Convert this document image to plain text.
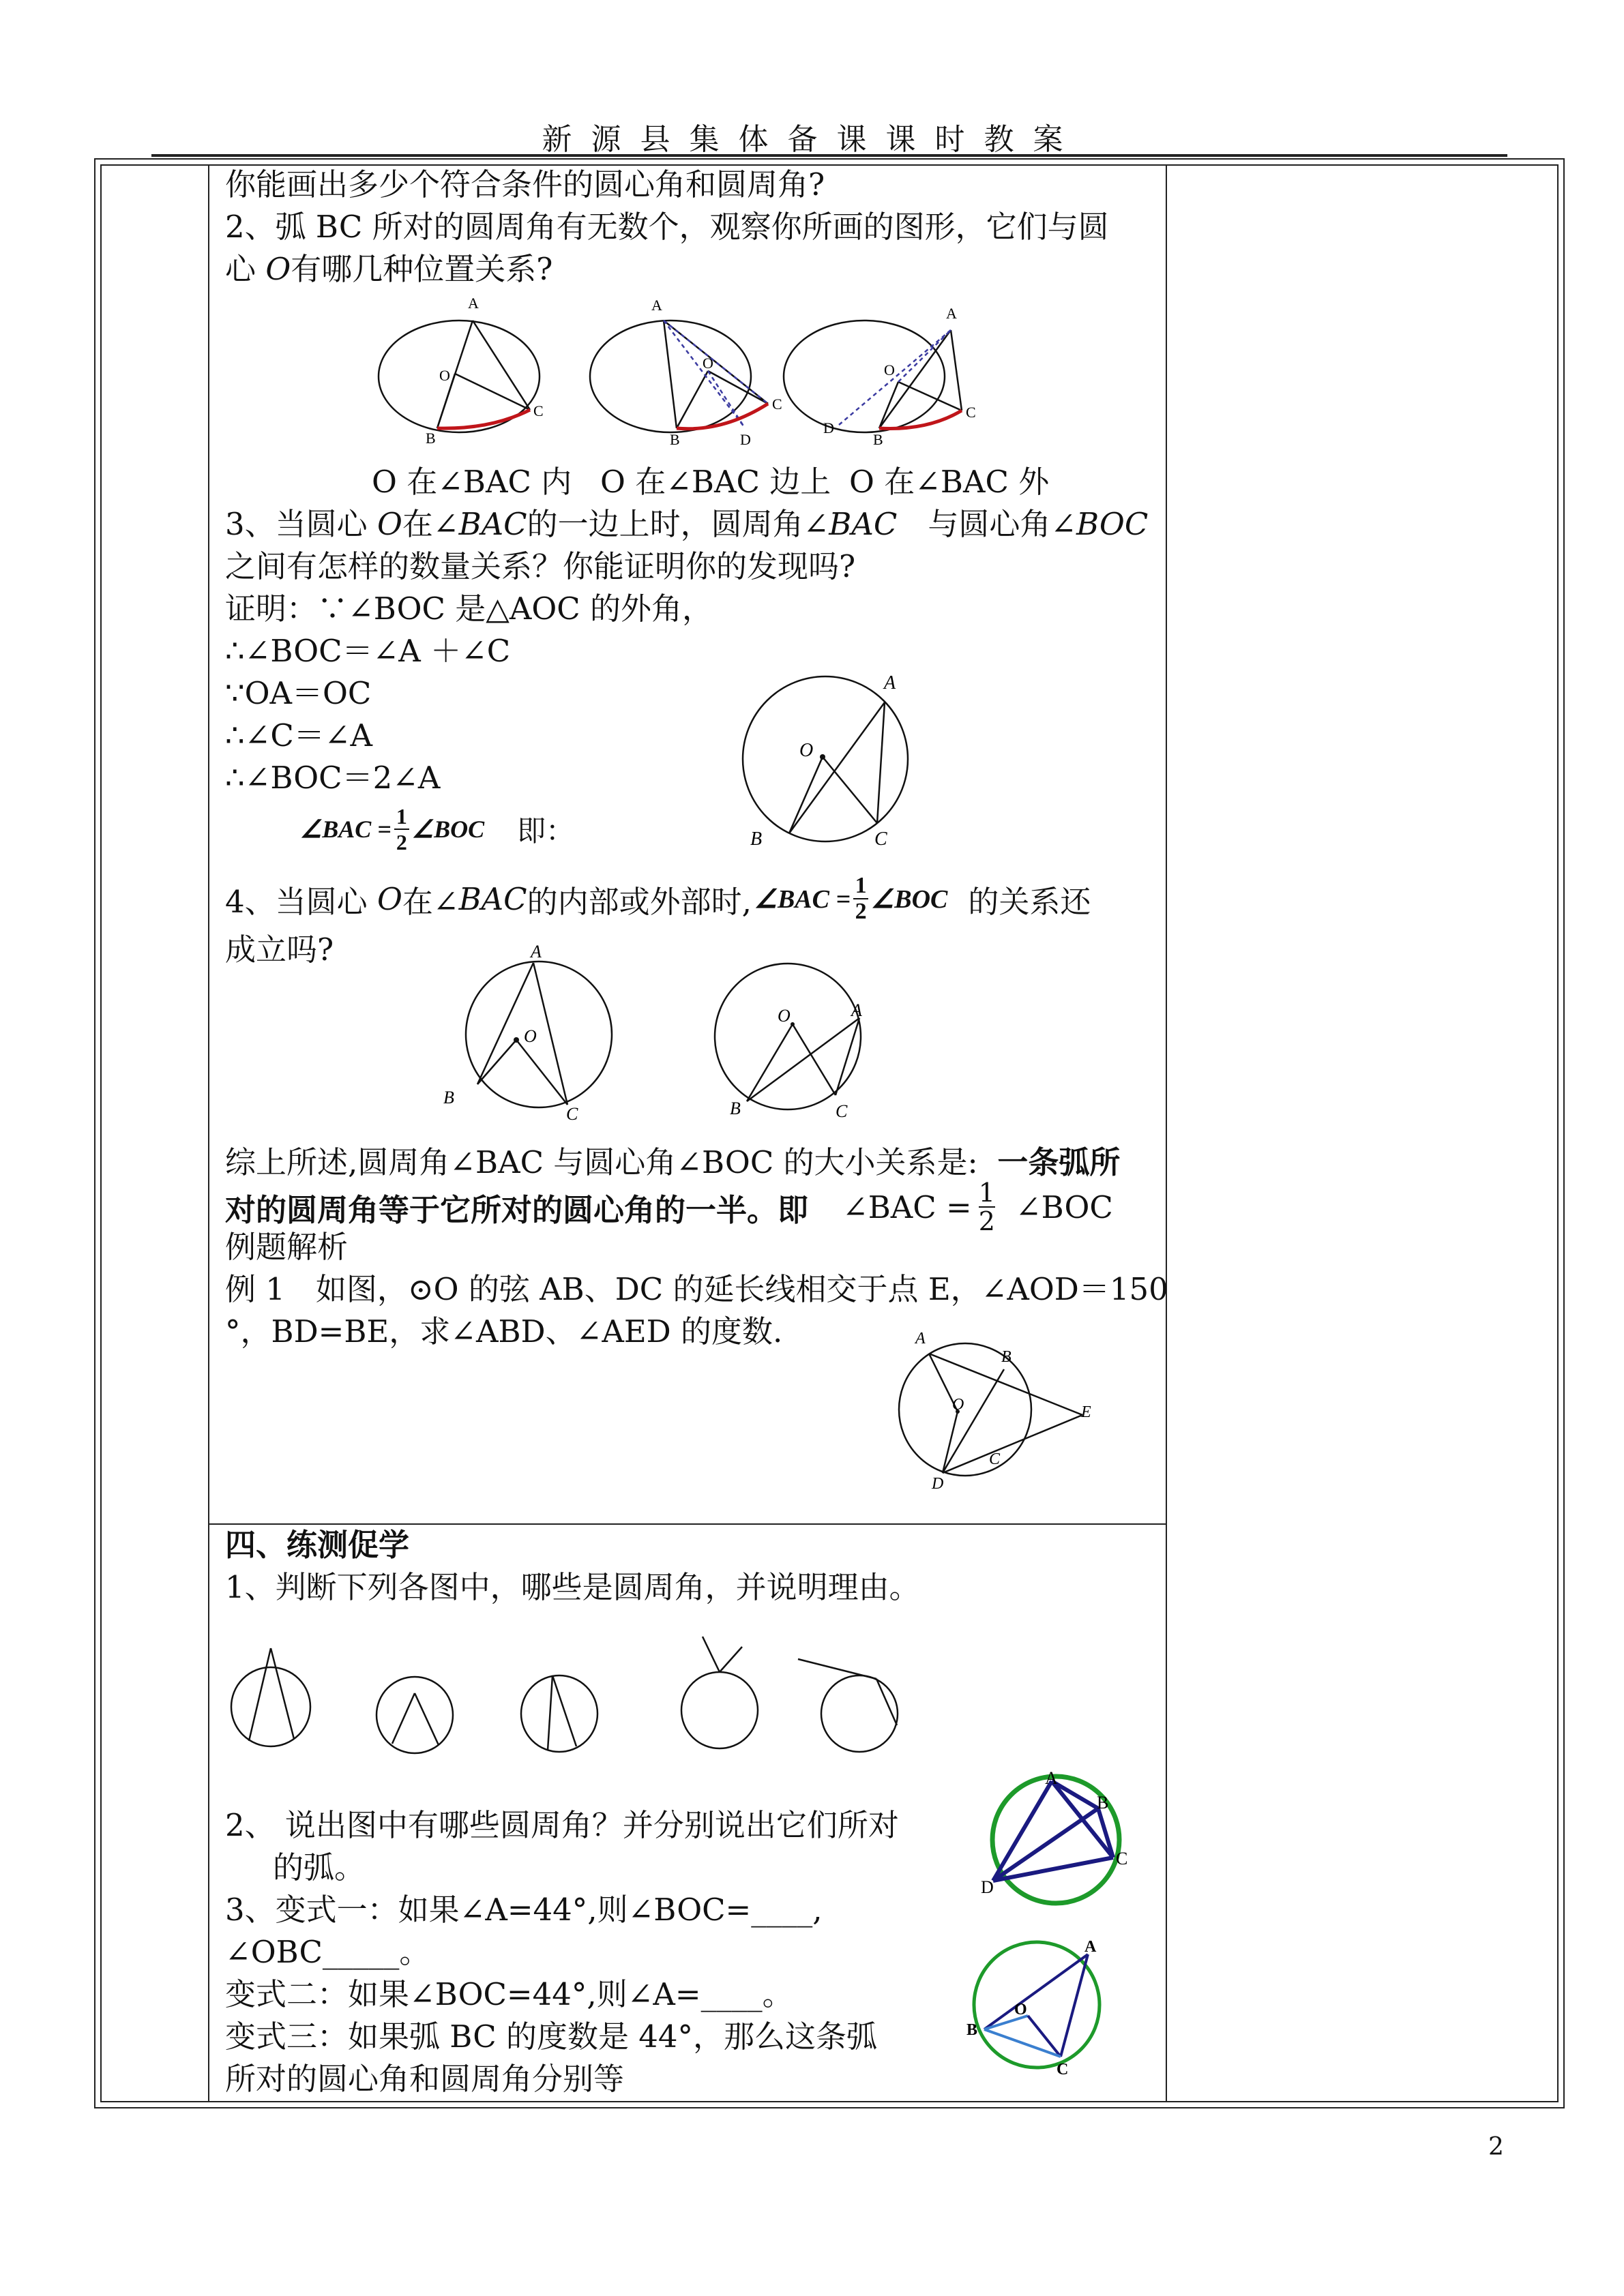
新源县集体备课课时教案
你能画出多少个符合条件的圆心角和圆周角?
2、弧 BC 所对的圆周角有无数个，观察你所画的图形，它们与圆
心 O有哪几种位置关系?
A
O
B
C
A
O
B	D
C
A
O
B
D
C
O 在∠BAC 内 O 在∠BAC 边上 O 在∠BAC 外
3、当圆心 O在∠BAC的一边上时，圆周角∠BAC　 与圆心角∠BOC
之间有怎样的数量关系？你能证明你的发现吗?
证明：∵∠BOC 是△AOC 的外角，
∴∠BOC＝∠A ＋∠C
∵OA＝OC
∴∠C＝∠A
∴∠BOC＝2∠A
∠BAC = 1
2 ∠BOC 即：
A
O
B	C
4、当圆心
O 在∠ BAC 的内部或外部时, ∠BAC = 1
2 ∠BOC 的关系还
成立吗?	A
O
B
C
A
O
B	C
综上所述,圆周角∠BAC 与圆心角∠BOC 的大小关系是: 一条弧所
对的圆周角等于它所对的圆心角的一半。即 ∠BAC = 1
2 ∠BOC
例题解析
例 1　如图，⊙O 的弦 AB、DC 的延长线相交于点 E，∠AOD＝150
°，BD=BE，求∠ABD、∠AED 的度数.	A
B
O	E
C
D
四、练测促学
1、判断下列各图中，哪些是圆周角，并说明理由。
2、 说出图中有哪些圆周角？并分别说出它们所对
的弧。
3、变式一：如果∠A=44°,则∠BOC=____,
∠OBC_____。
变式二：如果∠BOC=44°,则∠A=____。
变式三：如果弧 BC 的度数是 44°，那么这条弧
所对的圆心角和圆周角分别等
A
B
C
D
A
B
O
C
2
